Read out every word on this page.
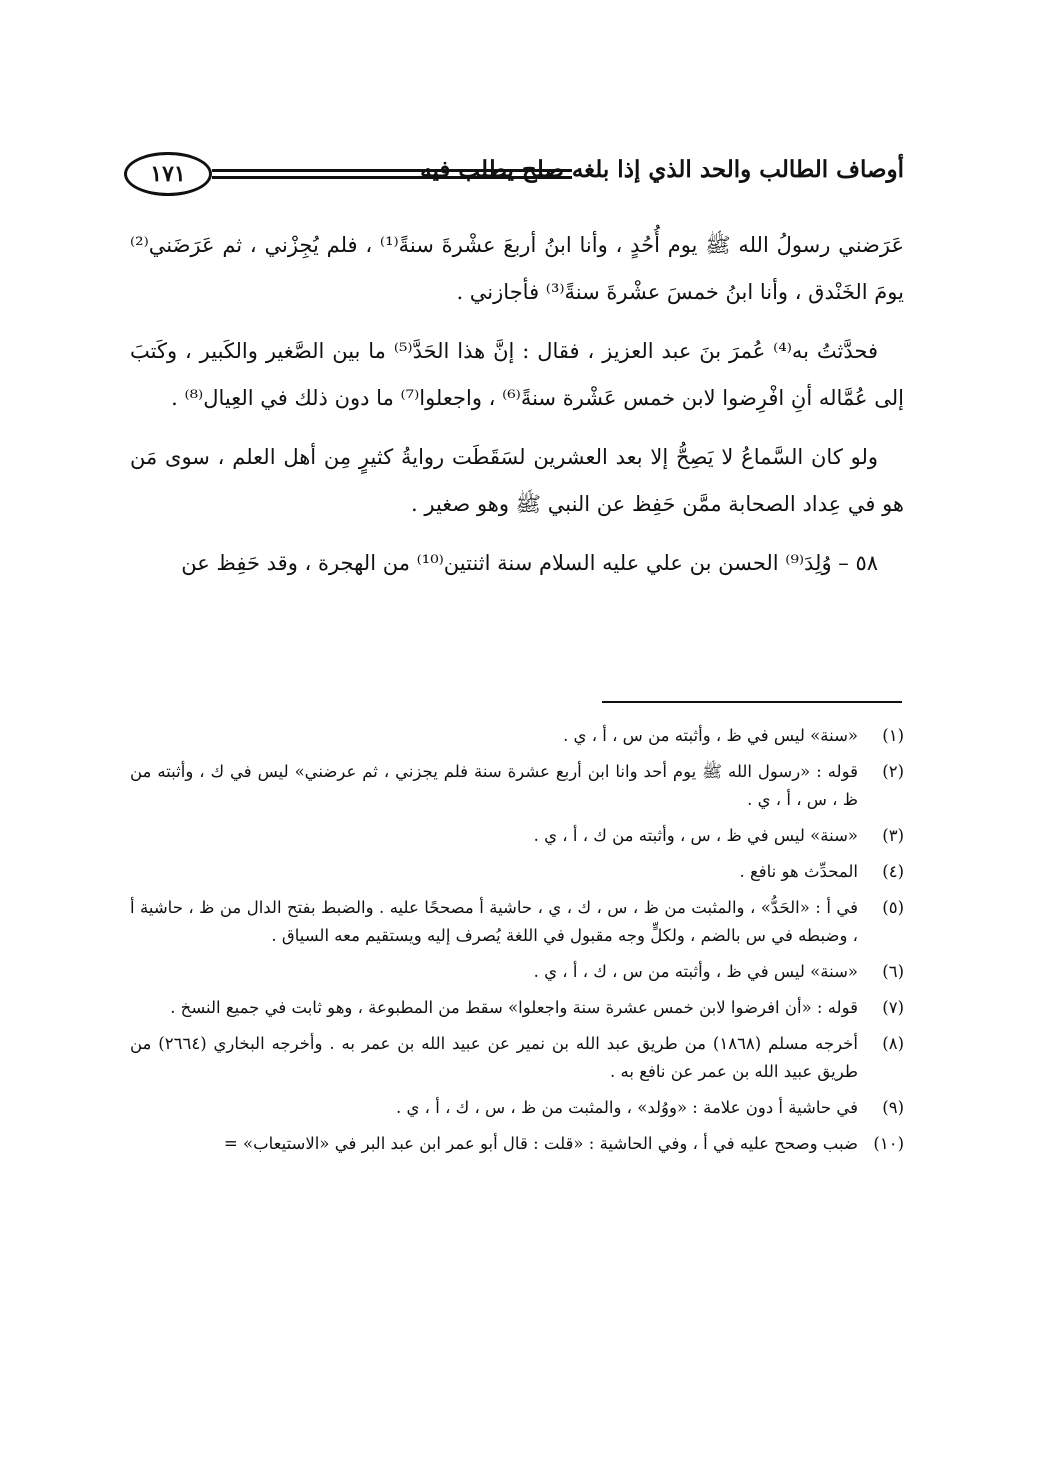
١٧١	أوصاف الطالب والحد الذي إذا بلغه صلح يطلب فيه

عَرَضني رسولُ الله ﷺ يوم أُحُدٍ ، وأنا ابنُ أربعَ عشْرةَ سنةً⁽¹⁾ ، فلم يُجِزْني ، ثم عَرَضَني⁽²⁾ يومَ الخَنْدق ، وأنا ابنُ خمسَ عشْرةَ سنةً⁽³⁾ فأجازني .

فحدَّثتُ به⁽⁴⁾ عُمرَ بنَ عبد العزيز ، فقال : إنَّ هذا الحَدَّ⁽⁵⁾ ما بين الصَّغير والكَبير ، وكَتبَ إلى عُمَّاله أنِ افْرِضوا لابن خمس عَشْرة سنةً⁽⁶⁾ ، واجعلوا⁽⁷⁾ ما دون ذلك في العِيال⁽⁸⁾ .

ولو كان السَّماعُ لا يَصِحُّ إلا بعد العشرين لسَقَطَت روايةُ كثيرٍ مِن أهل العلم ، سوى مَن هو في عِداد الصحابة ممَّن حَفِظ عن النبي ﷺ وهو صغير .

٥٨ – وُلِدَ⁽⁹⁾ الحسن بن علي عليه السلام سنة اثنتين⁽¹⁰⁾ من الهجرة ، وقد حَفِظ عن

(١)
«سنة» ليس في ظ ، وأثبته من س ، أ ، ي .
(٢)
قوله : «رسول الله ﷺ يوم أحد وانا ابن أربع عشرة سنة فلم يجزني ، ثم عرضني» ليس في ك ، وأثبته من ظ ، س ، أ ، ي .
(٣)
«سنة» ليس في ظ ، س ، وأثبته من ك ، أ ، ي .
(٤)
المحدِّث هو نافع .
(٥)
في أ : «الحَدُّ» ، والمثبت من ظ ، س ، ك ، ي ، حاشية أ مصححًا عليه . والضبط بفتح الدال من ظ ، حاشية أ ، وضبطه في س بالضم ، ولكلٍّ وجه مقبول في اللغة يُصرف إليه ويستقيم معه السياق .
(٦)
«سنة» ليس في ظ ، وأثبته من س ، ك ، أ ، ي .
(٧)
قوله : «أن افرضوا لابن خمس عشرة سنة واجعلوا» سقط من المطبوعة ، وهو ثابت في جميع النسخ .
(٨)
أخرجه مسلم (١٨٦٨) من طريق عبد الله بن نمير عن عبيد الله بن عمر به . وأخرجه البخاري (٢٦٦٤) من طريق عبيد الله بن عمر عن نافع به .
(٩)
في حاشية أ دون علامة : «ووُلد» ، والمثبت من ظ ، س ، ك ، أ ، ي .
(١٠)
ضبب وصحح عليه في أ ، وفي الحاشية : «قلت : قال أبو عمر ابن عبد البر في «الاستيعاب» =
